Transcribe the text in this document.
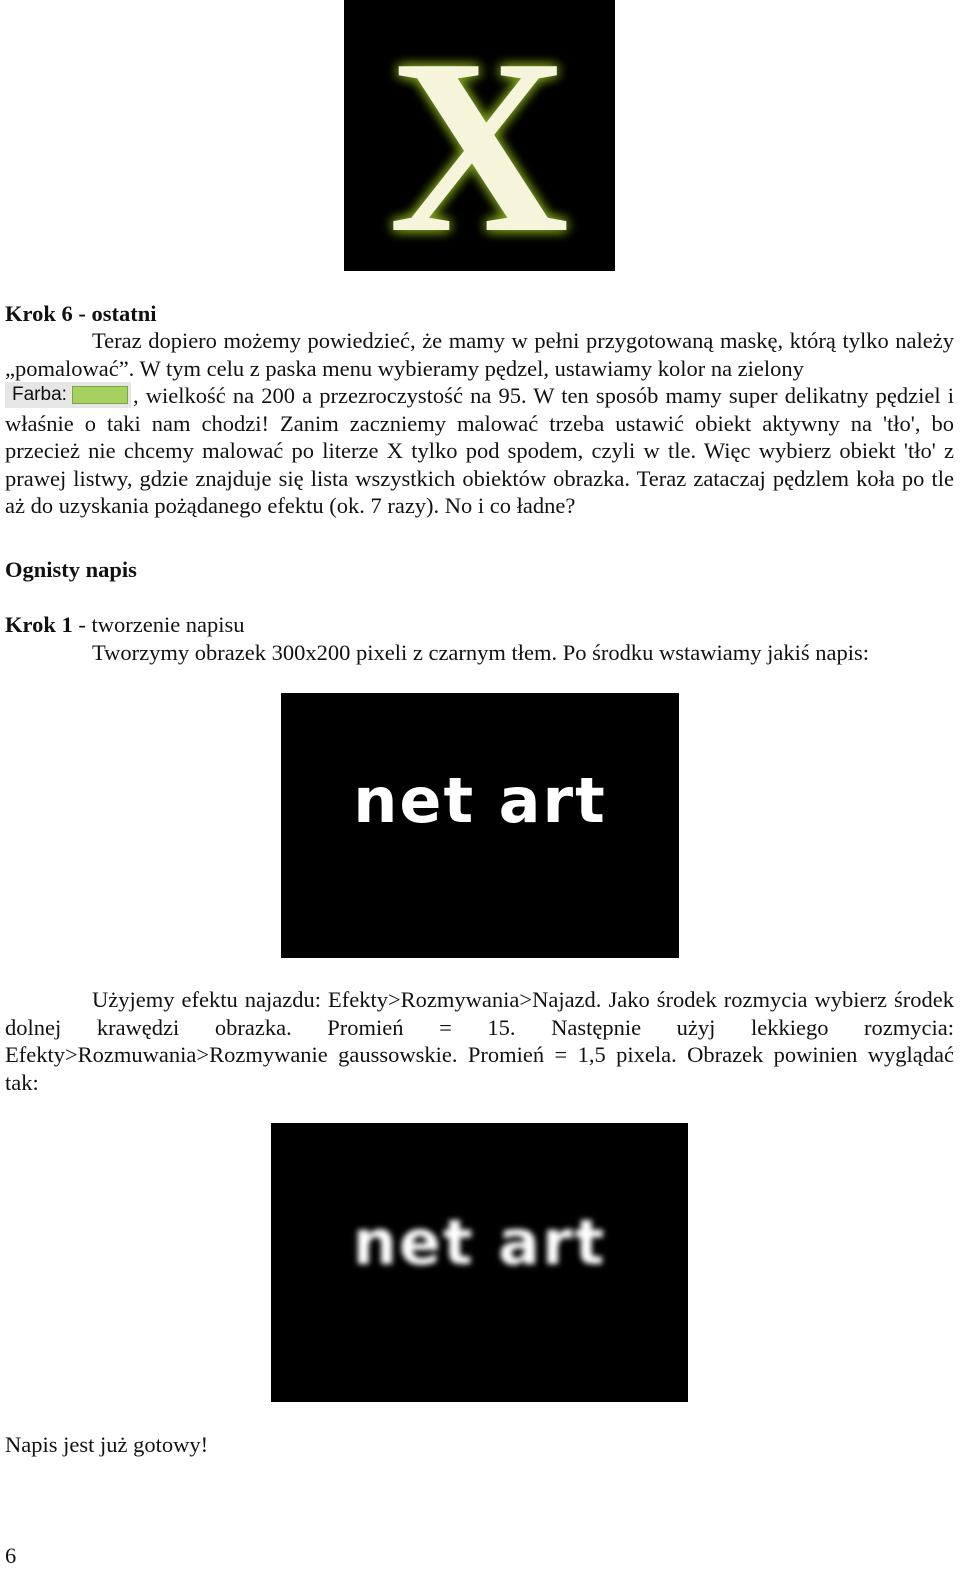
X
Krok 6 - ostatni
Teraz dopiero możemy powiedzieć, że mamy w pełni przygotowaną maskę, którą tylko należy „pomalować”. W tym celu z paska menu wybieramy pędzel, ustawiamy kolor na zielony

Farba:	, wielkość na 200 a przezroczystość na 95. W ten sposób mamy super delikatny pędziel i właśnie o taki nam chodzi! Zanim zaczniemy malować trzeba ustawić obiekt aktywny na 'tło', bo przecież nie chcemy malować po literze X tylko pod spodem, czyli w tle. Więc wybierz obiekt 'tło' z prawej listwy, gdzie znajduje się lista wszystkich obiektów obrazka. Teraz zataczaj pędzlem koła po tle aż do uzyskania pożądanego efektu (ok. 7 razy). No i co ładne?
Ognisty napis
Krok 1 - tworzenie napisu
Tworzymy obrazek 300x200 pixeli z czarnym tłem. Po środku wstawiamy jakiś napis:
net art
Użyjemy efektu najazdu: Efekty>Rozmywania>Najazd. Jako środek rozmycia wybierz środek dolnej krawędzi obrazka. Promień = 15. Następnie użyj lekkiego rozmycia: Efekty>Rozmuwania>Rozmywanie gaussowskie. Promień = 1,5 pixela. Obrazek powinien wyglądać tak:
net art
Napis jest już gotowy!
6
